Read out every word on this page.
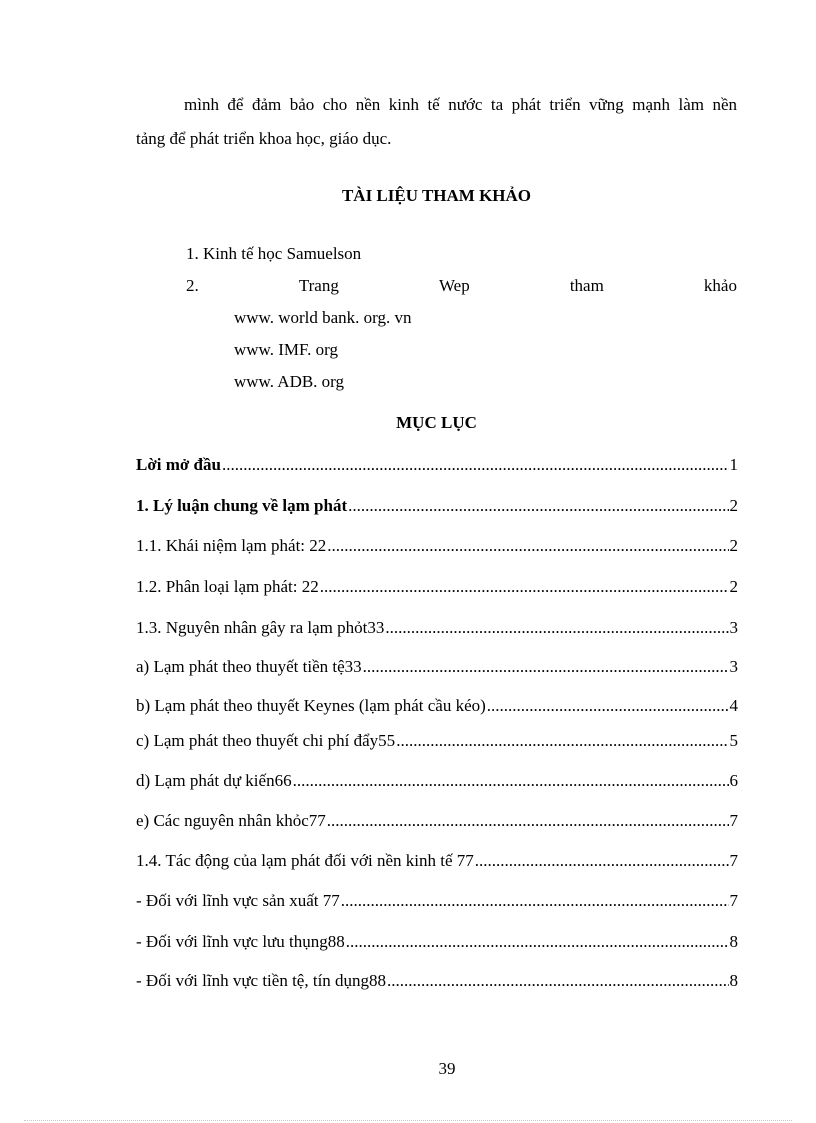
mình để đảm bảo cho nền kinh tế nước ta phát triển vững mạnh làm nền
tảng để phát triển khoa học, giáo dục.
TÀI LIỆU THAM KHẢO
1. Kinh tế học Samuelson
2.	Trang	Wep	tham	khảo
www. world bank. org. vn
www. IMF. org
www. ADB. org
MỤC LỤC
Lời mở đầu .....	1
1. Lý luận chung về lạm phát .....	2
1.1. Khái niệm lạm phát: 22 .....	2
1.2. Phân loại lạm phát: 22 .....	2
1.3. Nguyên nhân gây ra lạm phỏt33 .....	3
a) Lạm phát theo thuyết tiền tệ33 .....	3
b) Lạm phát theo thuyết Keynes (lạm phát cầu kéo) .....	4
c) Lạm phát theo thuyết chi phí đẩy55 .....	5
d) Lạm phát dự kiến66 .....	6
e) Các nguyên nhân khỏc77 .....	7
1.4. Tác động của lạm phát đối với nền kinh tế 77 .....	7
- Đối với lĩnh vực sản xuất 77 .....	7
- Đối với lĩnh vực lưu thụng88 .....	8
- Đối với lĩnh vực tiền tệ, tín dụng88 .....	8
39
